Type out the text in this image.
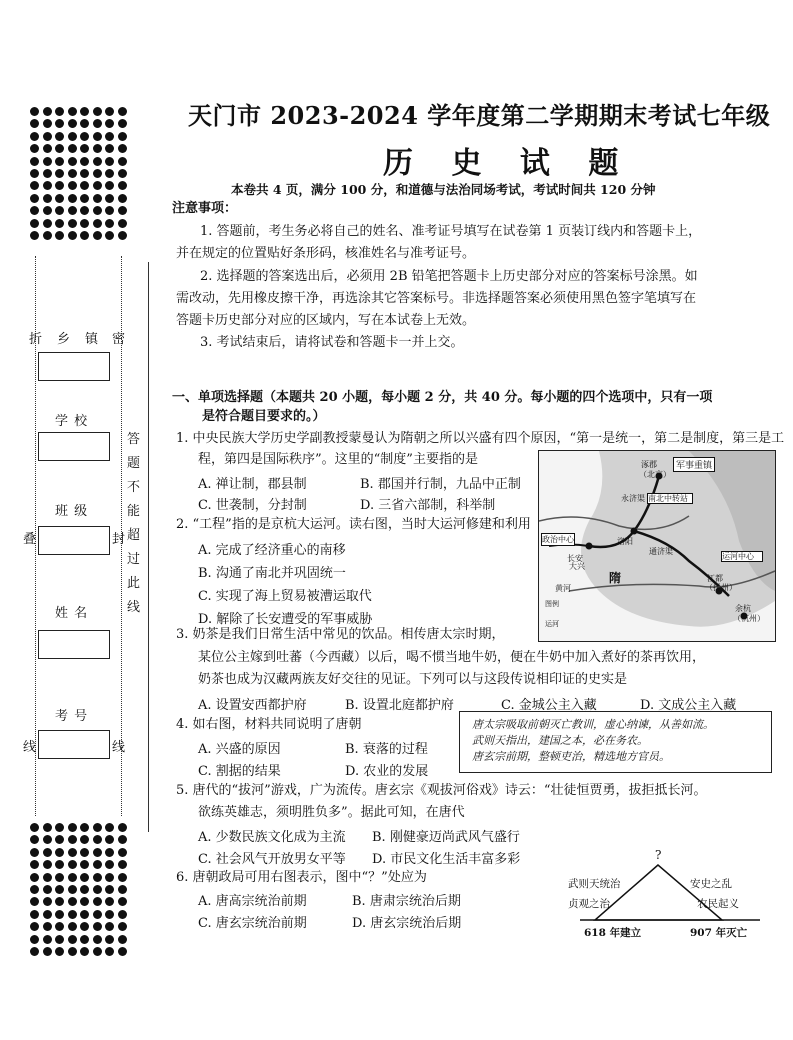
折 乡 镇 密
学 校
班 级
叠	封
姓 名
考 号
线	线
答题不能超过此线
天门市 2023-2024 学年度第二学期期末考试七年级
历 史 试 题
本卷共 4 页，满分 100 分，和道德与法治同场考试，考试时间共 120 分钟
注意事项：
1. 答题前，考生务必将自己的姓名、准考证号填写在试卷第 1 页装订线内和答题卡上，
并在规定的位置贴好条形码，核准姓名与准考证号。
2. 选择题的答案选出后，必须用 2B 铅笔把答题卡上历史部分对应的答案标号涂黑。如
需改动，先用橡皮擦干净，再选涂其它答案标号。非选择题答案必须使用黑色签字笔填写在
答题卡历史部分对应的区域内，写在本试卷上无效。
3. 考试结束后，请将试卷和答题卡一并上交。
一、单项选择题（本题共 20 小题，每小题 2 分，共 40 分。每小题的四个选项中，只有一项
是符合题目要求的。）
1. 中央民族大学历史学副教授蒙曼认为隋朝之所以兴盛有四个原因，“第一是统一，第二是制度，第三是工
程，第四是国际秩序”。这里的“制度”主要指的是
A. 禅让制，郡县制	B. 郡国并行制，九品中正制
C. 世袭制，分封制	D. 三省六部制，科举制
2. “工程”指的是京杭大运河。读右图，当时大运河修建和利用
A. 完成了经济重心的南移
B. 沟通了南北并巩固统一
C. 实现了海上贸易被漕运取代
D. 解除了长安遭受的军事威胁
军事重镇
涿郡
（北京）
永济渠 南北中转站
政治中心	洛阳
长安
通济渠
大兴
隋	江都
（扬州）
运河中心
余杭
（杭州）
图例
运河
黄河
3. 奶茶是我们日常生活中常见的饮品。相传唐太宗时期，
某位公主嫁到吐蕃（今西藏）以后，喝不惯当地牛奶，便在牛奶中加入煮好的茶再饮用，
奶茶也成为汉藏两族友好交往的见证。下列可以与这段传说相印证的史实是
A. 设置安西都护府	B. 设置北庭都护府	C. 金城公主入藏	D. 文成公主入藏
4. 如右图，材料共同说明了唐朝
A. 兴盛的原因	B. 衰落的过程
C. 割据的结果	D. 农业的发展
唐太宗吸取前朝灭亡教训，虚心纳谏，从善如流。
武则天指出，建国之本，必在务农。
唐玄宗前期，整顿吏治，精选地方官员。
5. 唐代的“拔河”游戏，广为流传。唐玄宗《观拔河俗戏》诗云：“壮徒恒贾勇，拔拒抵长河。
欲练英雄志，须明胜负多”。据此可知，在唐代
A. 少数民族文化成为主流 B. 刚健豪迈尚武风气盛行
C. 社会风气开放男女平等 D. 市民文化生活丰富多彩
6. 唐朝政局可用右图表示，图中“？”处应为
A. 唐高宗统治前期	B. 唐肃宗统治后期
C. 唐玄宗统治前期	D. 唐玄宗统治后期
?
武则天统治
贞观之治
安史之乱
农民起义
618 年建立	907 年灭亡
